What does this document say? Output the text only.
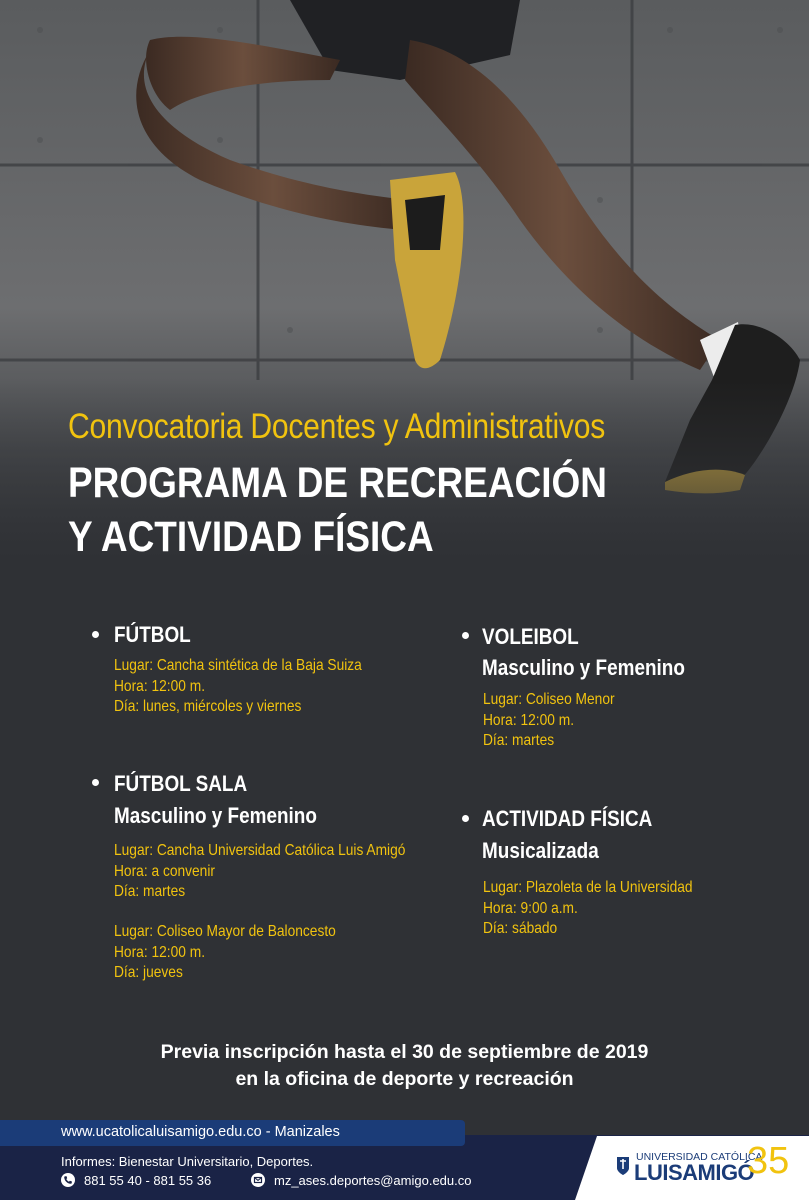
Convocatoria Docentes y Administrativos
PROGRAMA DE RECREACIÓN
Y ACTIVIDAD FÍSICA
FÚTBOL
Lugar: Cancha sintética de la Baja Suiza
Hora: 12:00 m.
Día: lunes, miércoles y viernes
FÚTBOL SALA
Masculino y Femenino
Lugar: Cancha Universidad Católica Luis Amigó
Hora: a convenir
Día: martes
Lugar: Coliseo Mayor de Baloncesto
Hora: 12:00 m.
Día: jueves
VOLEIBOL
Masculino y Femenino
Lugar: Coliseo Menor
Hora: 12:00 m.
Día: martes
ACTIVIDAD FÍSICA
Musicalizada
Lugar: Plazoleta de la Universidad
Hora: 9:00 a.m.
Día: sábado
Previa inscripción hasta el 30 de septiembre de 2019
en la oficina de deporte y recreación
www.ucatolicaluisamigo.edu.co - Manizales
Informes: Bienestar Universitario, Deportes.
881 55 40 - 881 55 36	mz_ases.deportes@amigo.edu.co
UNIVERSIDAD CATÓLICA
LUISAMIGÓ
35
